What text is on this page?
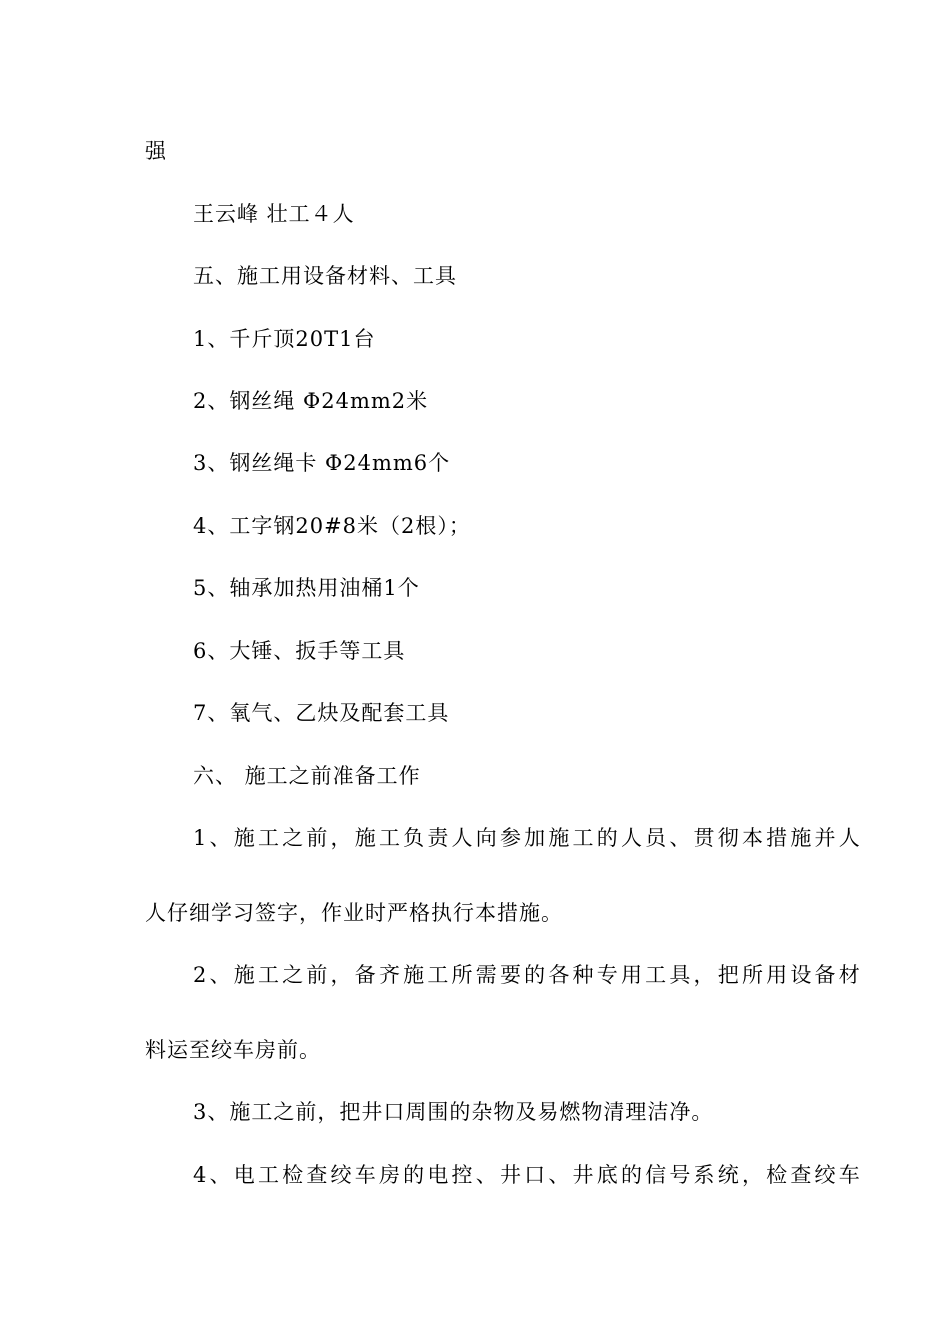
强
王云峰 壮工４人
五、施工用设备材料、工具
1、千斤顶20T1台
2、钢丝绳 Φ24mm2米
3、钢丝绳卡 Φ24mm6个
4、工字钢20#8米（2根）；
5、轴承加热用油桶1个
6、大锤、扳手等工具
7、氧气、乙炔及配套工具
六、 施工之前准备工作
1、施工之前，施工负责人向参加施工的人员、贯彻本措施并人
人仔细学习签字，作业时严格执行本措施。
2、施工之前，备齐施工所需要的各种专用工具，把所用设备材
料运至绞车房前。
3、施工之前，把井口周围的杂物及易燃物清理洁净。
4、电工检查绞车房的电控、井口、井底的信号系统，检查绞车
